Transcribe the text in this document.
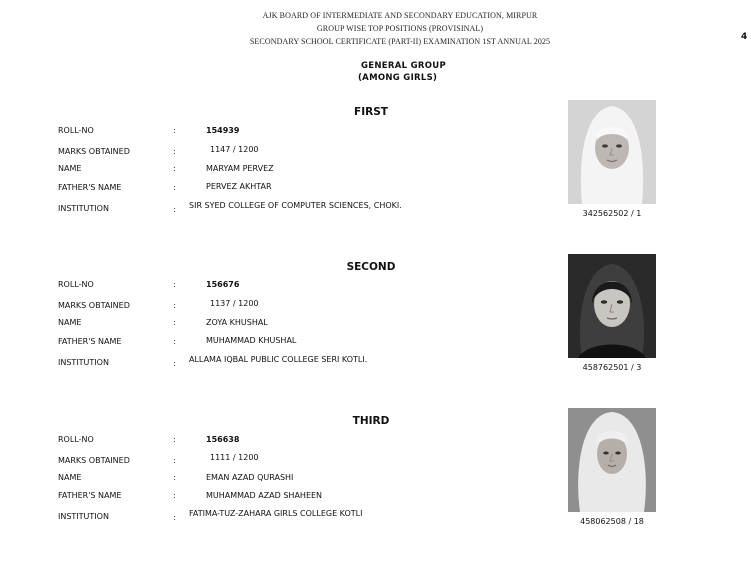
AJK BOARD OF INTERMEDIATE AND SECONDARY EDUCATION, MIRPUR
GROUP WISE TOP POSITIONS (PROVISINAL)
SECONDARY SCHOOL CERTIFICATE (PART-II) EXAMINATION 1ST ANNUAL 2025	4
GENERAL GROUP
(AMONG GIRLS)
FIRST
ROLL-NO	:	154939
MARKS OBTAINED	:	1147 / 1200
NAME	:	MARYAM PERVEZ
FATHER'S NAME	:	PERVEZ AKHTAR
INSTITUTION	: SIR SYED COLLEGE OF COMPUTER SCIENCES, CHOKI.
342562502 / 1
SECOND
ROLL-NO	:	156676
MARKS OBTAINED	:	1137 / 1200
NAME	:	ZOYA KHUSHAL
FATHER'S NAME	:	MUHAMMAD KHUSHAL
INSTITUTION	: ALLAMA IQBAL PUBLIC COLLEGE SERI KOTLI.
458762501 / 3
THIRD
ROLL-NO	:	156638
MARKS OBTAINED	:	1111 / 1200
NAME	:	EMAN AZAD QURASHI
FATHER'S NAME	:	MUHAMMAD AZAD SHAHEEN
INSTITUTION	: FATIMA-TUZ-ZAHARA GIRLS COLLEGE KOTLI
458062508 / 18
